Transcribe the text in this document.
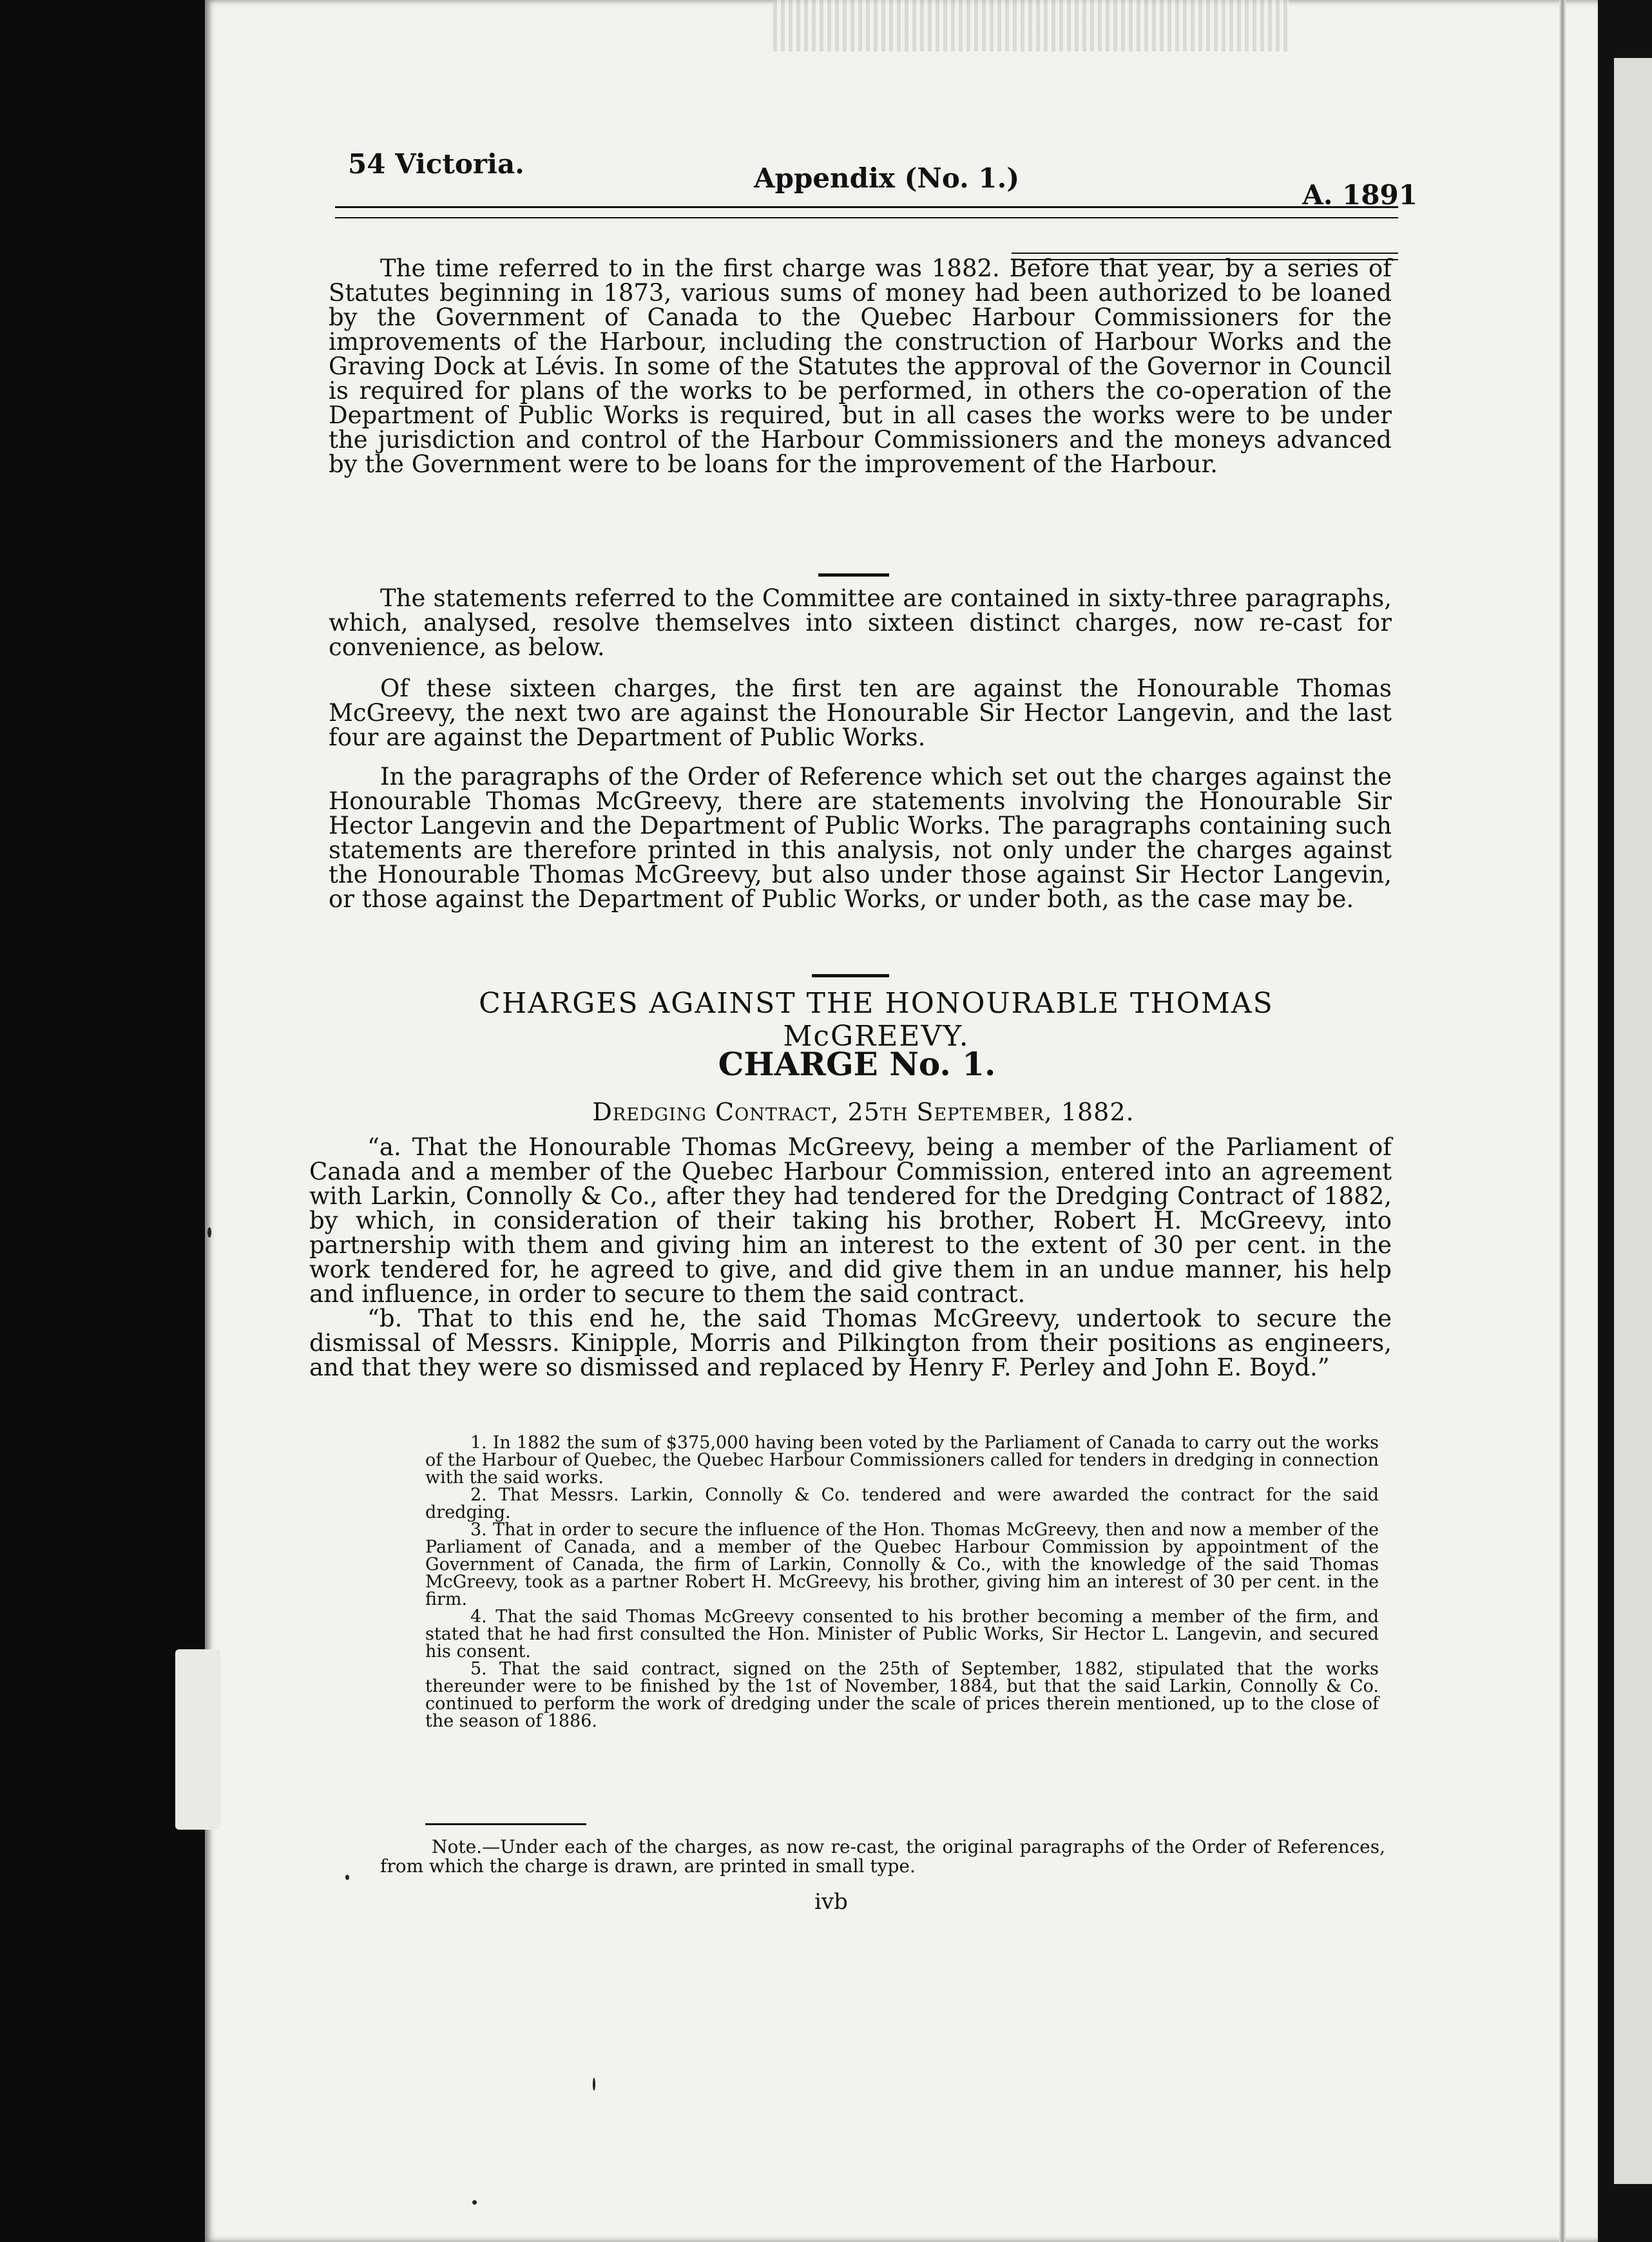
54 Victoria.	Appendix (No. 1.)
A. 1891

The time referred to in the first charge was 1882. Before that year, by a series of Statutes beginning in 1873, various sums of money had been authorized to be loaned by the Government of Canada to the Quebec Harbour Commissioners for the improvements of the Harbour, including the construction of Harbour Works and the Graving Dock at Lévis. In some of the Statutes the approval of the Governor in Council is required for plans of the works to be performed, in others the co-operation of the Department of Public Works is required, but in all cases the works were to be under the jurisdiction and control of the Harbour Commissioners and the moneys advanced by the Government were to be loans for the improvement of the Harbour.

The statements referred to the Committee are contained in sixty-three paragraphs, which, analysed, resolve themselves into sixteen distinct charges, now re-cast for convenience, as below.

Of these sixteen charges, the first ten are against the Honourable Thomas McGreevy, the next two are against the Honourable Sir Hector Langevin, and the last four are against the Department of Public Works.

In the paragraphs of the Order of Reference which set out the charges against the Honourable Thomas McGreevy, there are statements involving the Honourable Sir Hector Langevin and the Department of Public Works. The paragraphs containing such statements are therefore printed in this analysis, not only under the charges against the Honourable Thomas McGreevy, but also under those against Sir Hector Langevin, or those against the Department of Public Works, or under both, as the case may be.

CHARGES AGAINST THE HONOURABLE THOMAS McGREEVY.
CHARGE No. 1.
Dredging Contract, 25th September, 1882.

“a. That the Honourable Thomas McGreevy, being a member of the Parliament of Canada and a member of the Quebec Harbour Commission, entered into an agreement with Larkin, Connolly & Co., after they had tendered for the Dredging Contract of 1882, by which, in consideration of their taking his brother, Robert H. McGreevy, into partnership with them and giving him an interest to the extent of 30 per cent. in the work tendered for, he agreed to give, and did give them in an undue manner, his help and influence, in order to secure to them the said contract.

“b. That to this end he, the said Thomas McGreevy, undertook to secure the dismissal of Messrs. Kinipple, Morris and Pilkington from their positions as engineers, and that they were so dismissed and replaced by Henry F. Perley and John E. Boyd.”

1. In 1882 the sum of $375,000 having been voted by the Parliament of Canada to carry out the works of the Harbour of Quebec, the Quebec Harbour Commissioners called for tenders in dredging in connection with the said works.

2. That Messrs. Larkin, Connolly & Co. tendered and were awarded the contract for the said dredging.

3. That in order to secure the influence of the Hon. Thomas McGreevy, then and now a member of the Parliament of Canada, and a member of the Quebec Harbour Commission by appointment of the Government of Canada, the firm of Larkin, Connolly & Co., with the knowledge of the said Thomas McGreevy, took as a partner Robert H. McGreevy, his brother, giving him an interest of 30 per cent. in the firm.

4. That the said Thomas McGreevy consented to his brother becoming a member of the firm, and stated that he had first consulted the Hon. Minister of Public Works, Sir Hector L. Langevin, and secured his consent.

5. That the said contract, signed on the 25th of September, 1882, stipulated that the works thereunder were to be finished by the 1st of November, 1884, but that the said Larkin, Connolly & Co. continued to perform the work of dredging under the scale of prices therein mentioned, up to the close of the season of 1886.

Note.—Under each of the charges, as now re-cast, the original paragraphs of the Order of References, from which the charge is drawn, are printed in small type.
ivb
